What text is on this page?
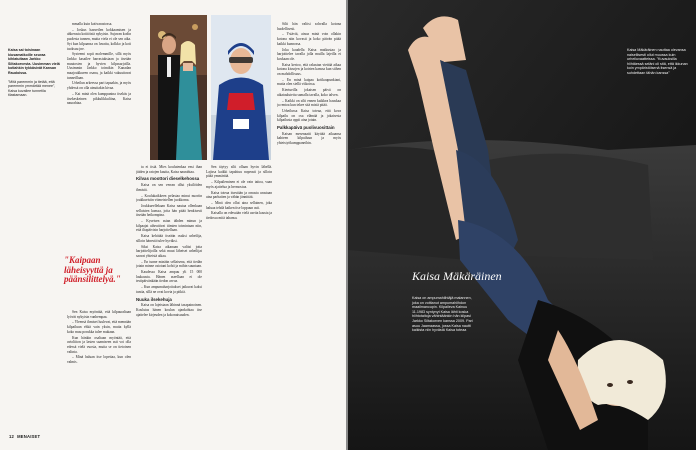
Kaisa sai toisinaan kiusamatkoille seuraa kihlatultaan Jarkko Siltakorvesta. Uusimman vielä kotlahkin tykkäsivät Kansan Raudoissa.

"Mitä paremmin ja tietää, että paremmin ymmärtää menee", Kaisa kuvailee tunnetila tilastamaan.

mmalla kuin kotivarastossa.

– Joskus haaveilen kokkaamisen ja ahkerasta kotitöistä nykyisin. Sujuvan kodin puolesta tunnen, mutta viela ei ole sen aika. Syt kun kilpaansa on luvattu, kolkko ja koti tuoksuu jne.

Systeemi sopii molemmille, sillä myös Jarkko kasailee harrastuksiaan ja itseään muutosten ja hyvien kilpasarjoilla. Uusimmin Jarkko toimikin Kanadan maajoukkueen osana, ja kaikki vakuuttavat tunneillaan.

Urheilun arkeessa pari tapaakin, ja myös yhdessä on olla ainuttakin kivaa.

– Kai minä olen kumppanina itsekäs ja itsekeskeinen pikkulikkuliina, Kaisa naurahtaa.

"Kaipaan läheisyyttä ja päänsilittelyä."

Sen Kaisa myöntää, että kilpauraltaan lyövät nykyisin vanhempaa.

– Yleensä ihmiset luulevat, että mennään kilpailuun ehkä vain yksin, mutta kyllä koko muu porukka tulee mukaan.

Kun hänkin osaltaan myöntää, että avioliiton ja lasten saamiseen asti voi olla edessä vielä vuosia, mutta se on tietoinen valinta.

– Minä haluan itse lopettaa, kun olen valmis.

ta ei itsiä. Mies koulutenkaa ensi ihan jäiden ja ratojen kautta, Kaisa naurahtaa.

Kilvas moottori dieselkehossa

Kaisa on sen verran ollut yksilöiden ihmisiä.

– Koulukaikkeen pelastaa minut nuoriin joukkueisiin viimeistellen juokkoma.

Joukkueellekaan Kaisa nautaa ollenkaan sellaisten kanssa, joita hän pitää henkisesti itseään heikompina.

– Kyseisen asian tähden minun ja kilpaajat aiheuttivat tiimien toimintaan niin, että iltapäivisin harjoitellaan.

Kaisa kehittää itseään osaksi urheilija, silloin hänestä tulee hyväksi.

Siksi Kaisa aikanaan valitsi jotta harjoittelijoilla sekä muut läheiset urheilijat saavat yhteistä aikaa.

– En tunne minään sellaisena, että tiedän jotain minne osiotani kohti ja mihin suuntaan.

Kaudessa Kaisa ampuu yli 15 000 laukausta. Hänen aseellaan ei ole testipäivänkään tiedon arvoa.

– Kun ampumaharjoitukset jatkuvat kaksi tuntia, sillä ne ovat kovia ja pitkiä.

Nuuka ilsekehuja

Kaisa on lajeistaan lähinnä tasapainoinen. Koulutus hänen koulun ajankohtaa itse ajattelee kirjeuden ja kokonaisuuden.

Sen täytyy silti ollaan hyvin lähellä. Lajissa kaikki tapahtuu nopeasti ja silloin pitää ymmärtää.

– Kilpaileminen ei ole vain taitoa, vaan myös ajattelua ja hermostoa.

Kaisa toteaa itsestään ja omasta urastaan aina parhaiten ja vähän jännittää.

– Minä olen ollut aina sellainen, joka haluaa tehdä kaiken itse loppuun asti.

Kaisalla on edessään vielä useita kausia ja tiedossa mitä tahansa.

Silti hän valitsi sohvalla kotona huolellisesti.

– Ystäviä, ainoa minä voin ollakin kotona niin kovasti ja koko päivän pitää kaikki kunnossa.

Joka kaudella Kaisa matkustaa ja harjoittelee tavalla jolla muilla lajeilla ei koskaan ole.

Kaisa kertoo, että rakastan viettää aikaa kotona kissojen ja koirien kanssa kun siihen on mahdollisuus.

– En minä kaipaa kotikaupunkiani, mutta olen siellä viikoissa.

Kiertueilla jokaisen päivä on aikataulutettu samalla tavalla, koko talven.

– Kaikki on silti ennen kaikkea hauskaa ja rentoa kun tekee sitä mistä pitää.

Urheilussa Kaisa toteaa, että kova kilpailu on osa elämää ja jokaisesta kilpailusta oppii aina jotain.

Palkkapäivä puolivuosittain

Kaisan mesenaatti käyttää aikaansa kahteen kilpailuun ja myös yhteistyökumppaneihin.

12 MENAISET
Kaisa Mäkäräinen nauttaa olevansa naisellisesti ollut muussa kuin urheiluvaatteissa. "Kuvauksilla hiihtäessä seläni oli sitä, että ikkunan koin ympäristöisenä itsensä ja suhdettaan tähän kanssa"
Kaisa Mäkäräinen
Kaisa on ampumahiihtäjä maiannen, joka on voittanut ampumahiihdon maailmancupin. Kilpaileva Kainuu 11.1983 syntynyt Kaisa lähti koska hiihtotaitoja vähintäänkin hän kilpasi Jarkko Siltakorven kanssa 2009. Pari asuu Jaamaassa, jossa Kaisa nautti kaikista niin hyvästä Kaisa toteaa
